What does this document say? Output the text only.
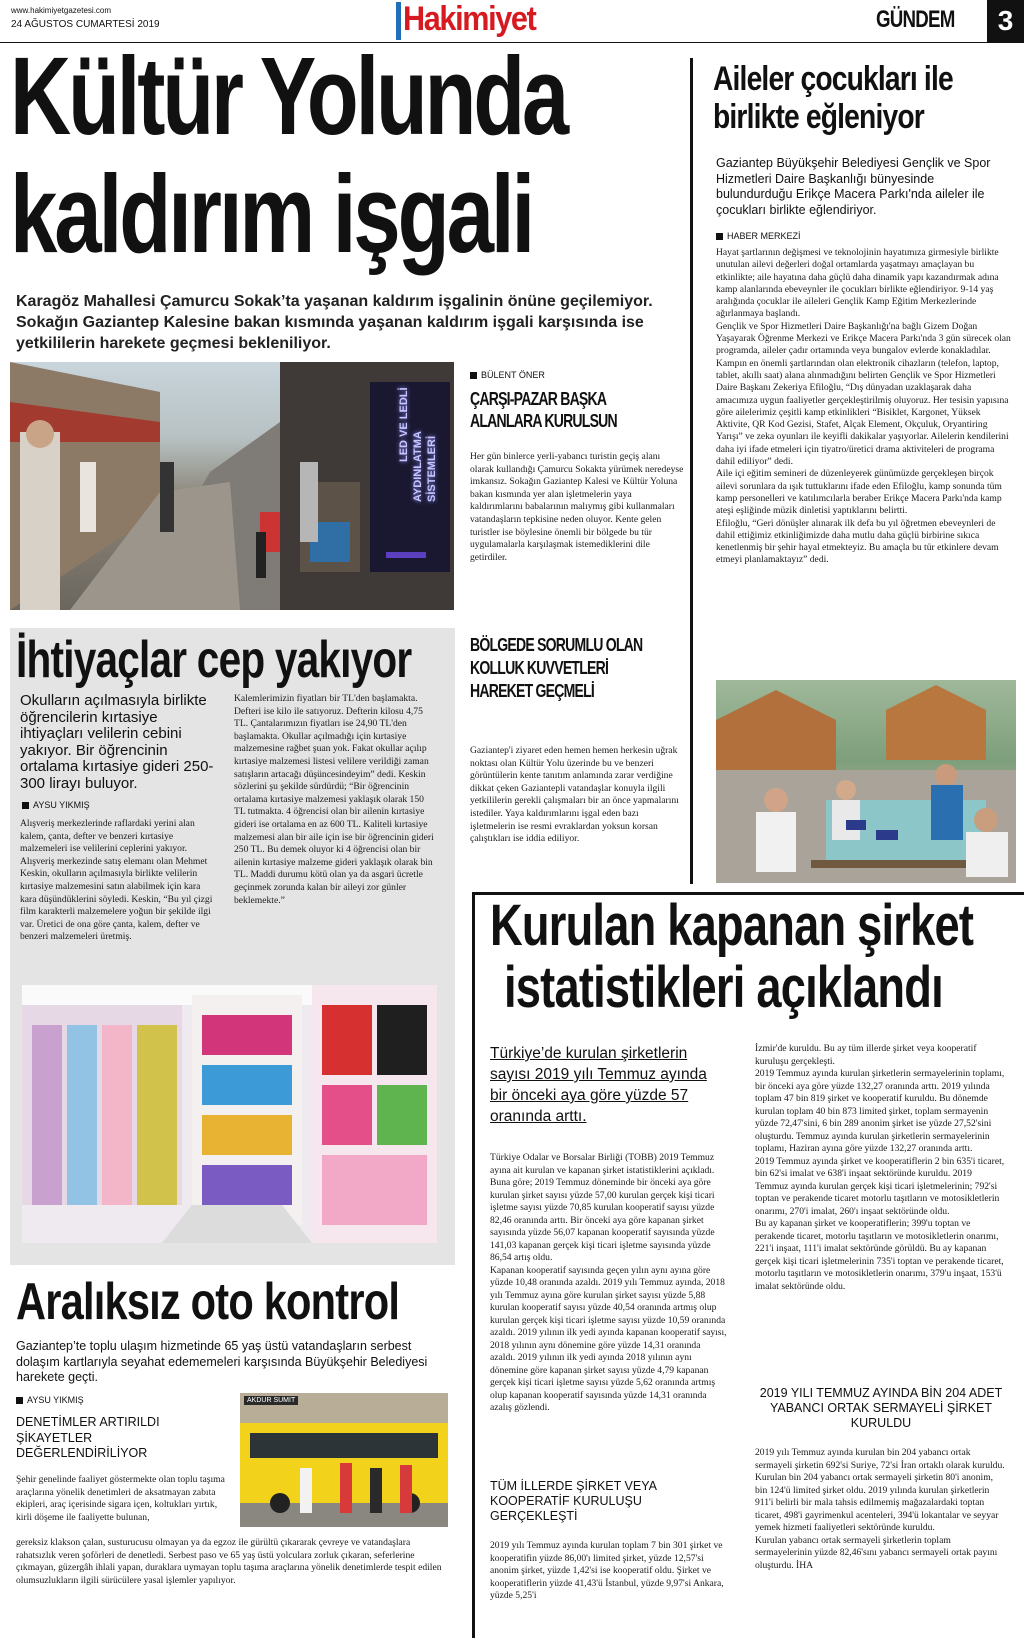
www.hakimiyetgazetesi.com
24 AĞUSTOS CUMARTESİ 2019	Hakimiyet	GÜNDEM	3
Kültür Yolunda
kaldırım işgali
Karagöz Mahallesi Çamurcu Sokak’ta yaşanan kaldırım işgalinin önüne geçilemiyor. Sokağın Gaziantep Kalesine bakan kısmında yaşanan kaldırım işgali karşısında ise yetkililerin harekete geçmesi bekleniliyor.
LED VE LEDLİ
AYDINLATMA SİSTEMLERİ
BÜLENT ÖNER
ÇARŞI-PAZAR BAŞKA ALANLARA KURULSUN
Her gün binlerce yerli-yabancı turistin geçiş alanı olarak kullandığı Çamurcu Sokakta yürümek neredeyse imkansız. Sokağın Gaziantep Kalesi ve Kültür Yoluna bakan kısmında yer alan işletmelerin yaya kaldırımlarını babalarının malıymış gibi kullanmaları vatandaşların tepkisine neden oluyor. Kente gelen turistler ise böylesine önemli bir bölgede bu tür uygulamalarla karşılaşmak istemediklerini dile getirdiler.
BÖLGEDE SORUMLU OLAN KOLLUK KUVVETLERİ HAREKET GEÇMELİ
Gaziantep'i ziyaret eden hemen hemen herkesin uğrak noktası olan Kültür Yolu üzerinde bu ve benzeri görüntülerin kente tanıtım anlamında zarar verdiğine dikkat çeken Gaziantepli vatandaşlar konuyla ilgili yetkililerin gerekli çalışmaları bir an önce yapmalarını istediler. Yaya kaldırımlarını işgal eden bazı işletmelerin ise resmi evraklardan yoksun korsan çalıştıkları ise iddia ediliyor.
Aileler çocukları ile birlikte eğleniyor
Gaziantep Büyükşehir Belediyesi Gençlik ve Spor Hizmetleri Daire Başkanlığı bünyesinde bulundurduğu Erikçe Macera Parkı'nda aileler ile çocukları birlikte eğlendiriyor.
HABER MERKEZİ

Hayat şartlarının değişmesi ve teknolojinin hayatımıza girmesiyle birlikte unutulan ailevi değerleri doğal ortamlarda yaşatmayı amaçlayan bu etkinlikte; aile hayatına daha güçlü daha dinamik yapı kazandırmak adına kamp alanlarında ebeveynler ile çocukları birlikte eğlendiriyor. 9-14 yaş aralığında çocuklar ile aileleri Gençlik Kamp Eğitim Merkezlerinde ağırlanmaya başlandı.

Gençlik ve Spor Hizmetleri Daire Başkanlığı'na bağlı Gizem Doğan Yaşayarak Öğrenme Merkezi ve Erikçe Macera Parkı'nda 3 gün sürecek olan programda, aileler çadır ortamında veya bungalov evlerde konakladılar.

Kampın en önemli şartlarından olan elektronik cihazların (telefon, laptop, tablet, akıllı saat) alana alınmadığını belirten Gençlik ve Spor Hizmetleri Daire Başkanı Zekeriya Efiloğlu, “Dış dünyadan uzaklaşarak daha amacımıza uygun faaliyetler gerçekleştirilmiş oluyoruz. Her tesisin yapısına göre ailelerimiz çeşitli kamp etkinlikleri “Bisiklet, Kargonet, Yüksek Aktivite, QR Kod Gezisi, Stafet, Alçak Element, Okçuluk, Oryantiring Yarışı” ve zeka oyunları ile keyifli dakikalar yaşıyorlar. Ailelerin kendilerini daha iyi ifade etmeleri için tiyatro/üretici drama aktiviteleri de programa dahil ediliyor” dedi.

Aile içi eğitim semineri de düzenleyerek günümüzde gerçekleşen birçok ailevi sorunlara da ışık tuttuklarını ifade eden Efiloğlu, kamp sonunda tüm kamp personelleri ve katılımcılarla beraber Erikçe Macera Parkı'nda kamp ateşi eşliğinde müzik dinletisi yaptıklarını belirtti.

Efiloğlu, “Geri dönüşler alınarak ilk defa bu yıl öğretmen ebeveynleri de dahil ettiğimiz etkinliğimizde daha mutlu daha güçlü birbirine sıkıca kenetlenmiş bir şehir hayal etmekteyiz. Bu amaçla bu tür etkinlere devam etmeyi planlamaktayız” dedi.

İhtiyaçlar cep yakıyor
Okulların açılmasıyla birlikte öğrencilerin kırtasiye ihtiyaçları velilerin cebini yakıyor. Bir öğrencinin ortalama kırtasiye gideri 250-300 lirayı buluyor.
AYSU YIKMIŞ
Alışveriş merkezlerinde raflardaki yerini alan kalem, çanta, defter ve benzeri kırtasiye malzemeleri ise velilerini ceplerini yakıyor. Alışveriş merkezinde satış elemanı olan Mehmet Keskin, okulların açılmasıyla birlikte velilerin kırtasiye malzemesini satın alabilmek için kara kara düşündüklerini söyledi. Keskin, “Bu yıl çizgi film karakterli malzemelere yoğun bir şekilde ilgi var. Üretici de ona göre çanta, kalem, defter ve benzeri malzemeleri üretmiş.
Kalemlerimizin fiyatları bir TL'den başlamakta. Defteri ise kilo ile satıyoruz. Defterin kilosu 4,75 TL. Çantalarımızın fiyatları ise 24,90 TL'den başlamakta. Okullar açılmadığı için kırtasiye malzemesine rağbet şuan yok. Fakat okullar açılıp kırtasiye malzemesi listesi velilere verildiği zaman satışların artacağı düşüncesindeyim” dedi. Keskin sözlerini şu şekilde sürdürdü; “Bir öğrencinin ortalama kırtasiye malzemesi yaklaşık olarak 150 TL tutmakta. 4 öğrencisi olan bir ailenin kırtasiye gideri ise ortalama en az 600 TL. Kaliteli kırtasiye malzemesi alan bir aile için ise bir öğrencinin gideri 250 TL. Bu demek oluyor ki 4 öğrencisi olan bir ailenin kırtasiye malzeme gideri yaklaşık olarak bin TL. Maddi durumu kötü olan ya da asgari ücretle geçinmek zorunda kalan bir aileyi zor günler beklemekte.”
Aralıksız oto kontrol
Gaziantep’te toplu ulaşım hizmetinde 65 yaş üstü vatandaşların serbest dolaşım kartlarıyla seyahat edememeleri karşısında Büyükşehir Belediyesi harekete geçti.
AYSU YIKMIŞ
DENETİMLER ARTIRILDI ŞİKAYETLER DEĞERLENDİRİLİYOR
Şehir genelinde faaliyet göstermekte olan toplu taşıma araçlarına yönelik denetimleri de aksatmayan zabıta ekipleri, araç içerisinde sigara içen, koltukları yırtık, kirli döşeme ile faaliyette bulunan,
gereksiz klakson çalan, susturucusu olmayan ya da egzoz ile gürültü çıkararak çevreye ve vatandaşlara rahatsızlık veren şoförleri de denetledi. Serbest paso ve 65 yaş üstü yolculara zorluk çıkaran, seferlerine çıkmayan, güzergâh ihlali yapan, duraklara uymayan toplu taşıma araçlarına yönelik denetimlerde tespit edilen olumsuzlukların ilgili sürücülere yasal işlemler yapılıyor.
AKDUR SUMIT
Kurulan kapanan şirket
istatistikleri açıklandı
Türkiye’de kurulan şirketlerin sayısı 2019 yılı Temmuz ayında bir önceki aya göre yüzde 57 oranında arttı.

Türkiye Odalar ve Borsalar Birliği (TOBB) 2019 Temmuz ayına ait kurulan ve kapanan şirket istatistiklerini açıkladı. Buna göre; 2019 Temmuz döneminde bir önceki aya göre kurulan şirket sayısı yüzde 57,00 kurulan gerçek kişi ticari işletme sayısı yüzde 70,85 kurulan kooperatif sayısı yüzde 82,46 oranında arttı. Bir önceki aya göre kapanan şirket sayısında yüzde 56,07 kapanan kooperatif sayısında yüzde 141,03 kapanan gerçek kişi ticari işletme sayısında yüzde 86,54 artış oldu.

Kapanan kooperatif sayısında geçen yılın aynı ayına göre yüzde 10,48 oranında azaldı. 2019 yılı Temmuz ayında, 2018 yılı Temmuz ayına göre kurulan şirket sayısı yüzde 5,88 kurulan kooperatif sayısı yüzde 40,54 oranında artmış olup kurulan gerçek kişi ticari işletme sayısı yüzde 10,59 oranında azaldı. 2019 yılının ilk yedi ayında kapanan kooperatif sayısı, 2018 yılının aynı dönemine göre yüzde 14,31 oranında azaldı. 2019 yılının ilk yedi ayında 2018 yılının aynı dönemine göre kapanan şirket sayısı yüzde 4,79 kapanan gerçek kişi ticari işletme sayısı yüzde 5,62 oranında artmış olup kapanan kooperatif sayısında yüzde 14,31 oranında azalış gözlendi.

TÜM İLLERDE ŞİRKET VEYA KOOPERATİF KURULUŞU GERÇEKLEŞTİ
2019 yılı Temmuz ayında kurulan toplam 7 bin 301 şirket ve kooperatifin yüzde 86,00'ı limited şirket, yüzde 12,57'si anonim şirket, yüzde 1,42'si ise kooperatif oldu. Şirket ve kooperatiflerin yüzde 41,43'ü İstanbul, yüzde 9,97'si Ankara, yüzde 5,25'i

İzmir'de kuruldu. Bu ay tüm illerde şirket veya kooperatif kuruluşu gerçekleşti.

2019 Temmuz ayında kurulan şirketlerin sermayelerinin toplamı, bir önceki aya göre yüzde 132,27 oranında arttı. 2019 yılında toplam 47 bin 819 şirket ve kooperatif kuruldu. Bu dönemde kurulan toplam 40 bin 873 limited şirket, toplam sermayenin yüzde 72,47'sini, 6 bin 289 anonim şirket ise yüzde 27,52'sini oluşturdu. Temmuz ayında kurulan şirketlerin sermayelerinin toplamı, Haziran ayına göre yüzde 132,27 oranında arttı.

2019 Temmuz ayında şirket ve kooperatiflerin 2 bin 635'i ticaret, bin 62'si imalat ve 638'i inşaat sektöründe kuruldu. 2019 Temmuz ayında kurulan gerçek kişi ticari işletmelerinin; 792'si toptan ve perakende ticaret motorlu taşıtların ve motosikletlerin onarımı, 270'i imalat, 260'ı inşaat sektöründe oldu.

Bu ay kapanan şirket ve kooperatiflerin; 399'u toptan ve perakende ticaret, motorlu taşıtların ve motosikletlerin onarımı, 221'i inşaat, 111'i imalat sektöründe görüldü. Bu ay kapanan gerçek kişi ticari işletmelerinin 735'i toptan ve perakende ticaret, motorlu taşıtların ve motosikletlerin onarımı, 379'u inşaat, 153'ü imalat sektöründe oldu.

2019 YILI TEMMUZ AYINDA BİN 204 ADET YABANCI ORTAK SERMAYELİ ŞİRKET KURULDU

2019 yılı Temmuz ayında kurulan bin 204 yabancı ortak sermayeli şirketin 692'si Suriye, 72'si İran ortaklı olarak kuruldu. Kurulan bin 204 yabancı ortak sermayeli şirketin 80'i anonim, bin 124'ü limited şirket oldu. 2019 yılında kurulan şirketlerin 911'i belirli bir mala tahsis edilmemiş mağazalardaki toptan ticaret, 498'i gayrimenkul acenteleri, 394'ü lokantalar ve seyyar yemek hizmeti faaliyetleri sektöründe kuruldu.

Kurulan yabancı ortak sermayeli şirketlerin toplam sermayelerinin yüzde 82,46'sını yabancı sermayeli ortak payını oluşturdu. İHA
